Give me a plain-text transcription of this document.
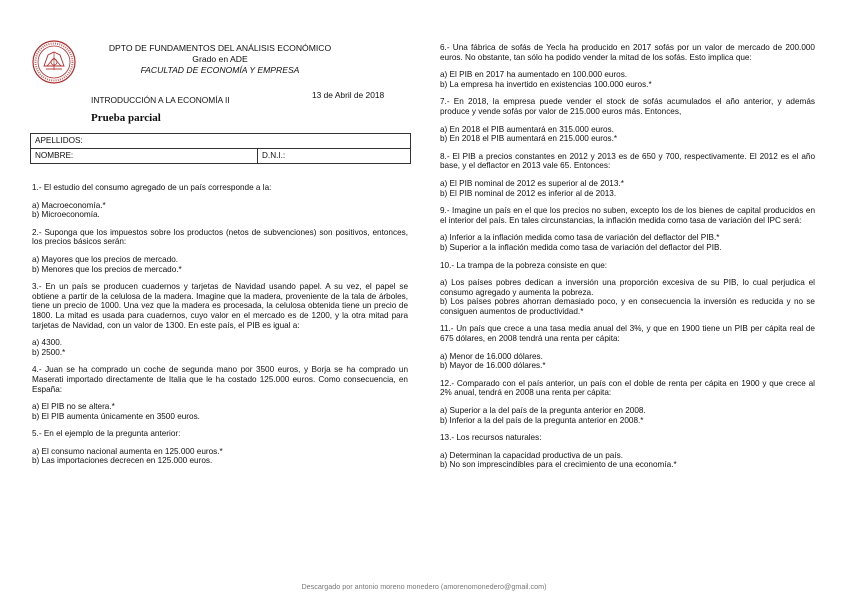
DPTO DE FUNDAMENTOS DEL ANÁLISIS ECONÓMICO
Grado en ADE
FACULTAD DE ECONOMÍA Y EMPRESA
INTRODUCCIÓN A LA ECONOMÍA II	13 de Abril de 2018
Prueba parcial
APELLIDOS:
NOMBRE:	D.N.I.:

1.- El estudio del consumo agregado de un país corresponde a la:

a) Macroeconomía.*

b) Microeconomía.

2.- Suponga que los impuestos sobre los productos (netos de subvenciones) son positivos, entonces, los precios básicos serán:

a) Mayores que los precios de mercado.

b) Menores que los precios de mercado.*

3.- En un país se producen cuadernos y tarjetas de Navidad usando papel. A su vez, el papel se obtiene a partir de la celulosa de la madera. Imagine que la madera, proveniente de la tala de árboles, tiene un precio de 1000. Una vez que la madera es procesada, la celulosa obtenida tiene un precio de 1800. La mitad es usada para cuadernos, cuyo valor en el mercado es de 1200, y la otra mitad para tarjetas de Navidad, con un valor de 1300. En este país, el PIB es igual a:

a) 4300.

b) 2500.*

4.- Juan se ha comprado un coche de segunda mano por 3500 euros, y Borja se ha comprado un Maserati importado directamente de Italia que le ha costado 125.000 euros. Como consecuencia, en España:

a) El PIB no se altera.*

b) El PIB aumenta únicamente en 3500 euros.

5.- En el ejemplo de la pregunta anterior:

a) El consumo nacional aumenta en 125.000 euros.*

b) Las importaciones decrecen en 125.000 euros.

6.- Una fábrica de sofás de Yecla ha producido en 2017 sofás por un valor de mercado de 200.000 euros. No obstante, tan sólo ha podido vender la mitad de los sofás. Esto implica que:

a) El PIB en 2017 ha aumentado en 100.000 euros.

b) La empresa ha invertido en existencias 100.000 euros.*

7.- En 2018, la empresa puede vender el stock de sofás acumulados el año anterior, y además produce y vende sofás por valor de 215.000 euros más. Entonces,

a) En 2018 el PIB aumentará en 315.000 euros.

b) En 2018 el PIB aumentará en 215.000 euros.*

8.- El PIB a precios constantes en 2012 y 2013 es de 650 y 700, respectivamente. El 2012 es el año base, y el deflactor en 2013 vale 65. Entonces:

a) El PIB nominal de 2012 es superior al de 2013.*

b) El PIB nominal de 2012 es inferior al de 2013.

9.- Imagine un país en el que los precios no suben, excepto los de los bienes de capital producidos en el interior del país. En tales circunstancias, la inflación medida como tasa de variación del IPC será:

a) Inferior a la inflación medida como tasa de variación del deflactor del PIB.*

b) Superior a la inflación medida como tasa de variación del deflactor del PIB.

10.- La trampa de la pobreza consiste en que:

a) Los países pobres dedican a inversión una proporción excesiva de su PIB, lo cual perjudica el consumo agregado y aumenta la pobreza.

b) Los países pobres ahorran demasiado poco, y en consecuencia la inversión es reducida y no se consiguen aumentos de productividad.*

11.- Un país que crece a una tasa media anual del 3%, y que en 1900 tiene un PIB per cápita real de 675 dólares, en 2008 tendrá una renta per cápita:

a) Menor de 16.000 dólares.

b) Mayor de 16.000 dólares.*

12.- Comparado con el país anterior, un país con el doble de renta per cápita en 1900 y que crece al 2% anual, tendrá en 2008 una renta per cápita:

a) Superior a la del país de la pregunta anterior en 2008.

b) Inferior a la del país de la pregunta anterior en 2008.*

13.- Los recursos naturales:

a) Determinan la capacidad productiva de un país.

b) No son imprescindibles para el crecimiento de una economía.*

Descargado por antonio moreno monedero (amorenomonedero@gmail.com)
